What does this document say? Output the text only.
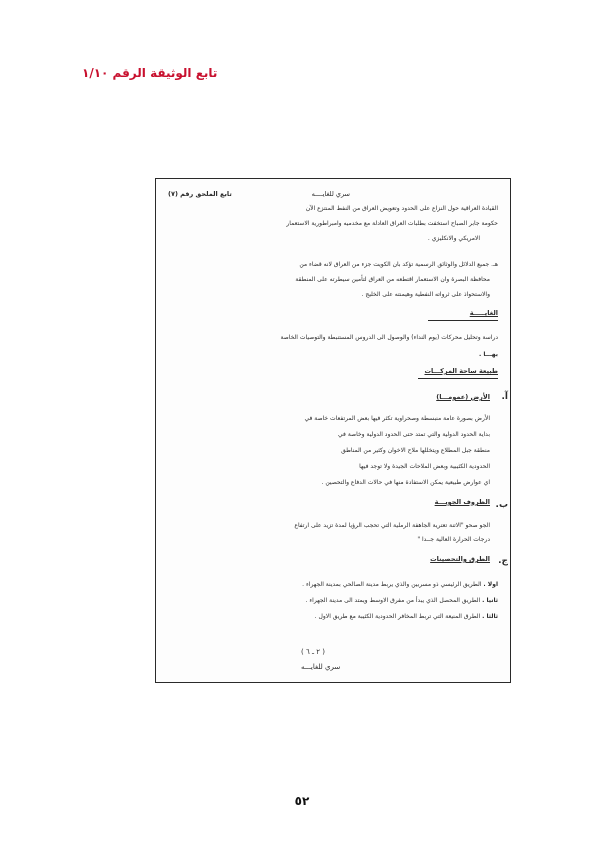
تابع الوثيقة الرقم ١/١٠
سري للغايــــه
تابع الملحق رقم (٧)
القيادة العراقية حول النزاع على الحدود وتعويض العراق من النفط المنتزع الآن
حكومة جابر الصباح استخفت بطلبات العراق العادلة مع مخدميه وامبراطورية الاستعمار
الامريكي والانكليزي .
هـ. جميع الدلائل والوثائق الرسمية تؤكد بان الكويت جزء من العراق لانه قضاء من
محافظة البصرة وان الاستعمار اقتطعه من العراق لتأمين سيطرته على المنطقة
والاستحواذ على ثرواته النفطية وهيمنته على الخليج .
الغايـــــة
دراسة وتحليل محركات (يوم النداء) والوصول الى الدروس المستنبطة والتوصيات الخاصة
بهـــا .
طبيعة ساحة المركـــات
آ.
الأرض (عمومـــا)
الأرض بصورة عامة منبسطة وصحراوية تكثر فيها بعض المرتفعات خاصة في
بداية الحدود الدولية والتي تمتد حتى الحدود الدولية وخاصة في
منطقة جبل المطلاع ويتخللها ملاح الاخوان وكثير من المناطق
الحدودية الكثيبية وبعض الملاحات الجيدة ولا توجد فيها
اي عوارض طبيعية يمكن الاستفادة منها في حالات الدفاع والتحصين .
ب.
الظروف الجويـــة
الجو صحو "الاتنة تعترية الجاهفة الرملية التي تحجب الرؤيا لمدة تزيد على ارتفاع
درجات الحرارة العالية جــدا "
ج.
الطرق والتحصينات
اولا . الطريق الرئيسي ذو مسربين والذي يربط مدينة الصالحي بمدينة الجهراء .
ثانيا . الطريق المحصل الذي يبدأ من مفرق الاوسط ويمتد الى مدينة الجهراء .
ثالثا . الطرق المنيعة التي تربط المخافر الحدودية الكثيبة مع طريق الاول .
( ٢ ـ ٦ )
سري للغايـــه
٥٢
